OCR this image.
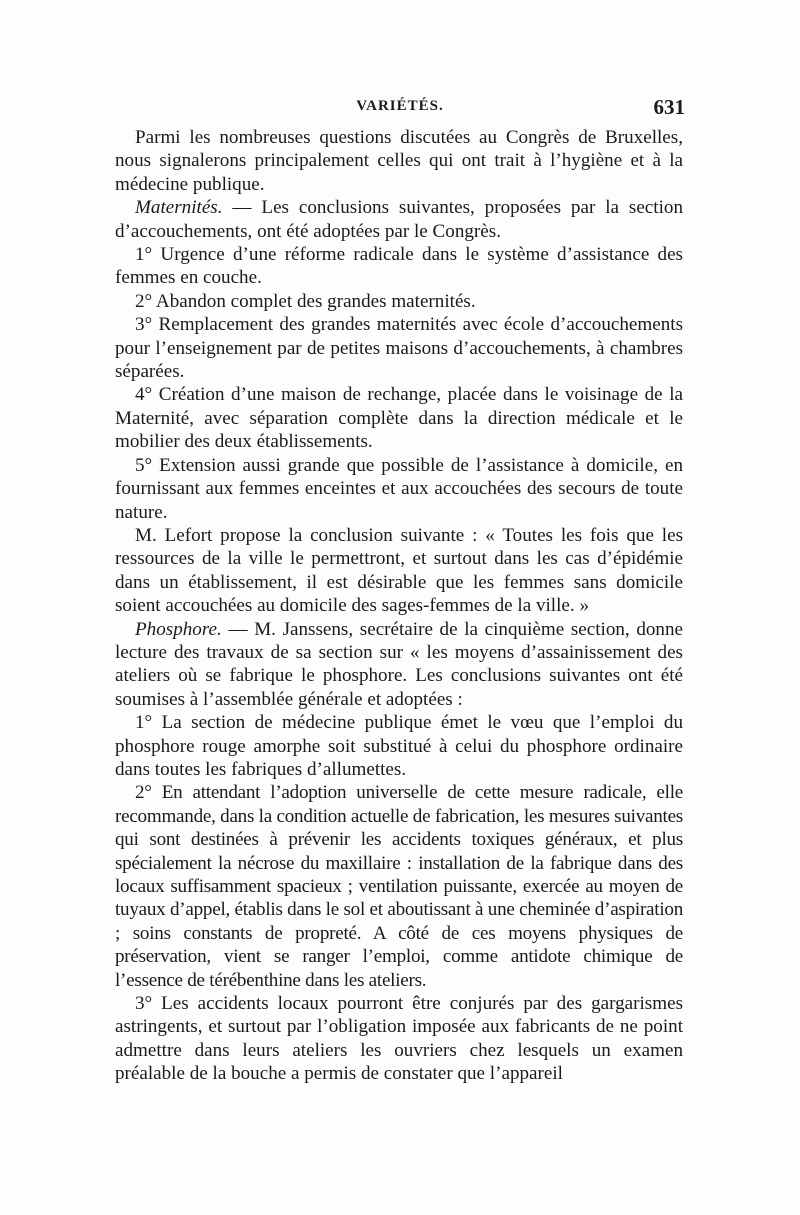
VARIÉTÉS.	631

Parmi les nombreuses questions discutées au Congrès de Bruxelles, nous signalerons principalement celles qui ont trait à l’hygiène et à la médecine publique.

Maternités. — Les conclusions suivantes, proposées par la section d’accouchements, ont été adoptées par le Congrès.

1° Urgence d’une réforme radicale dans le système d’assistance des femmes en couche.

2° Abandon complet des grandes maternités.

3° Remplacement des grandes maternités avec école d’accouchements pour l’enseignement par de petites maisons d’accouchements, à chambres séparées.

4° Création d’une maison de rechange, placée dans le voisinage de la Maternité, avec séparation complète dans la direction médicale et le mobilier des deux établissements.

5° Extension aussi grande que possible de l’assistance à domicile, en fournissant aux femmes enceintes et aux accouchées des secours de toute nature.

M. Lefort propose la conclusion suivante : « Toutes les fois que les ressources de la ville le permettront, et surtout dans les cas d’épidémie dans un établissement, il est désirable que les femmes sans domicile soient accouchées au domicile des sages-femmes de la ville. »

Phosphore. — M. Janssens, secrétaire de la cinquième section, donne lecture des travaux de sa section sur « les moyens d’assainissement des ateliers où se fabrique le phosphore. Les conclusions suivantes ont été soumises à l’assemblée générale et adoptées :

1° La section de médecine publique émet le vœu que l’emploi du phosphore rouge amorphe soit substitué à celui du phosphore ordinaire dans toutes les fabriques d’allumettes.

2° En attendant l’adoption universelle de cette mesure radicale, elle recommande, dans la condition actuelle de fabrication, les mesures suivantes qui sont destinées à prévenir les accidents toxiques généraux, et plus spécialement la nécrose du maxillaire : installation de la fabrique dans des locaux suffisamment spacieux ; ventilation puissante, exercée au moyen de tuyaux d’appel, établis dans le sol et aboutissant à une cheminée d’aspiration ; soins constants de propreté. A côté de ces moyens physiques de préservation, vient se ranger l’emploi, comme antidote chimique de l’essence de térébenthine dans les ateliers.

3° Les accidents locaux pourront être conjurés par des gargarismes astringents, et surtout par l’obligation imposée aux fabricants de ne point admettre dans leurs ateliers les ouvriers chez lesquels un examen préalable de la bouche a permis de constater que l’appareil
